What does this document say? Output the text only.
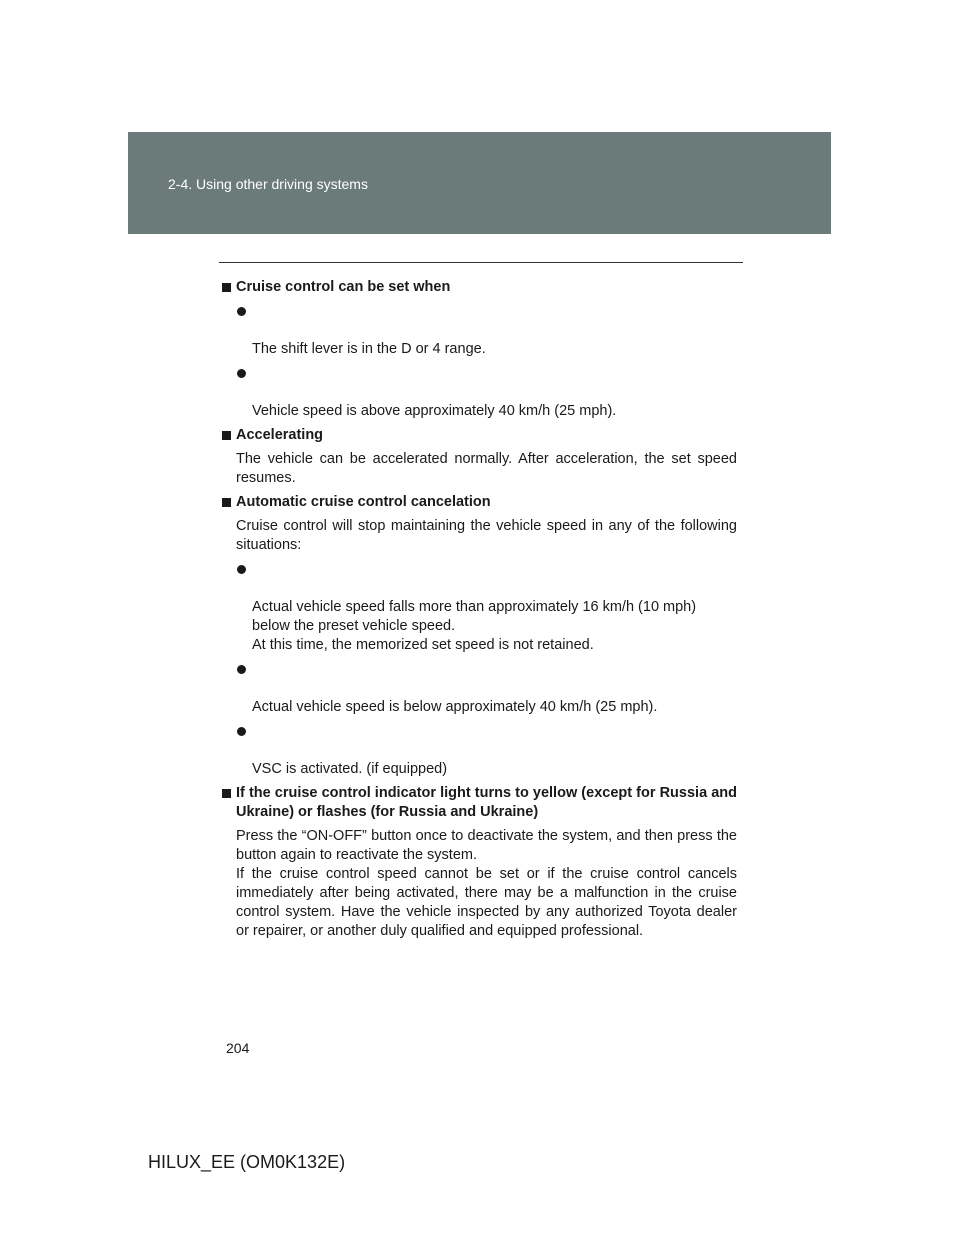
2-4. Using other driving systems
Cruise control can be set when

The shift lever is in the D or 4 range.

Vehicle speed is above approximately 40 km/h (25 mph).

Accelerating
The vehicle can be accelerated normally. After acceleration, the set speed resumes.
Automatic cruise control cancelation
Cruise control will stop maintaining the vehicle speed in any of the following situations:

Actual vehicle speed falls more than approximately 16 km/h (10 mph)
below the preset vehicle speed.
At this time, the memorized set speed is not retained.

Actual vehicle speed is below approximately 40 km/h (25 mph).

VSC is activated. (if equipped)

If the cruise control indicator light turns to yellow (except for Russia and Ukraine) or flashes (for Russia and Ukraine)
Press the “ON-OFF” button once to deactivate the system, and then press the button again to reactivate the system.
If the cruise control speed cannot be set or if the cruise control cancels immediately after being activated, there may be a malfunction in the cruise control system. Have the vehicle inspected by any authorized Toyota dealer or repairer, or another duly qualified and equipped professional.
204
HILUX_EE (OM0K132E)
